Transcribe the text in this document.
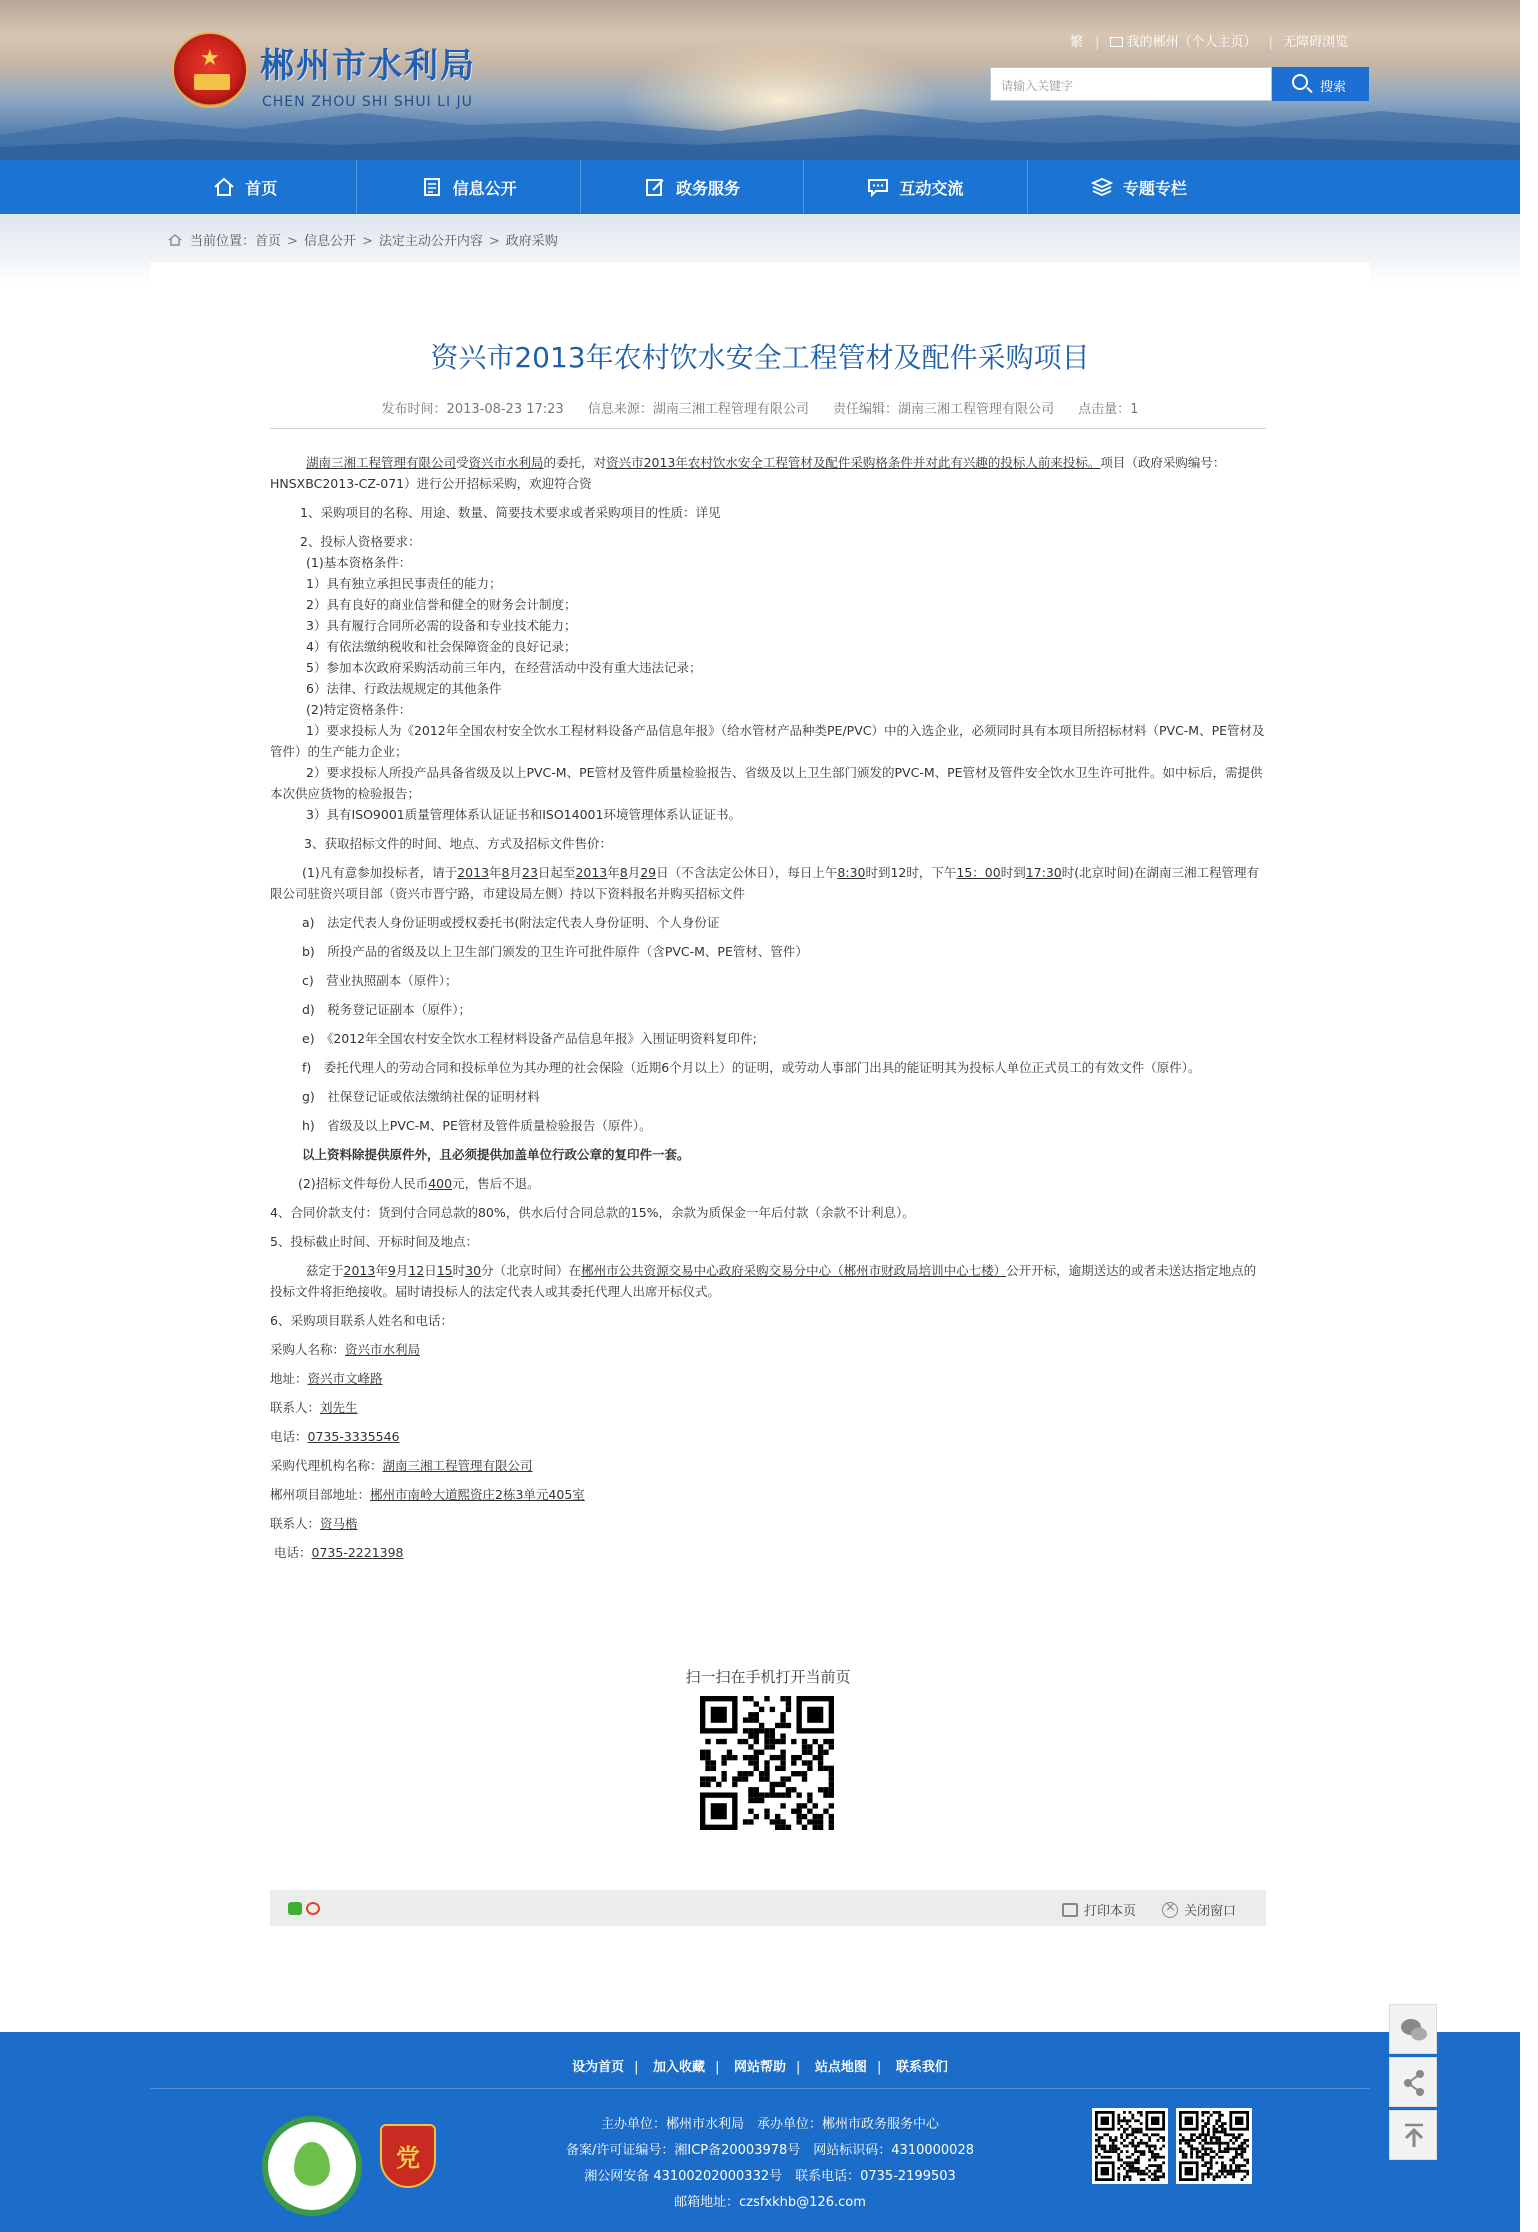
★ 郴州市水利局
CHEN ZHOU SHI SHUI LI JU
繁 | 我的郴州（个人主页） | 无障碍浏览
请输入关键字	搜索
首页	信息公开	政务服务	互动交流	专题专栏
当前位置：首页 > 信息公开 > 法定主动公开内容 > 政府采购
资兴市2013年农村饮水安全工程管材及配件采购项目
发布时间：2013-08-23 17:23 信息来源：湖南三湘工程管理有限公司 责任编辑：湖南三湘工程管理有限公司 点击量：1
湖南三湘工程管理有限公司受资兴市水利局的委托，对资兴市2013年农村饮水安全工程管材及配件采购格条件并对此有兴趣的投标人前来投标。项目（政府采购编号：HNSXBC2013-CZ-071）进行公开招标采购，欢迎符合资
1、采购项目的名称、用途、数量、简要技术要求或者采购项目的性质：详见
2、投标人资格要求：
(1)基本资格条件：
1）具有独立承担民事责任的能力；
2）具有良好的商业信誉和健全的财务会计制度；
3）具有履行合同所必需的设备和专业技术能力；
4）有依法缴纳税收和社会保障资金的良好记录；
5）参加本次政府采购活动前三年内，在经营活动中没有重大违法记录；
6）法律、行政法规规定的其他条件
(2)特定资格条件：
1）要求投标人为《2012年全国农村安全饮水工程材料设备产品信息年报》（给水管材产品种类PE/PVC）中的入选企业，必须同时具有本项目所招标材料（PVC-M、PE管材及管件）的生产能力企业；
2）要求投标人所投产品具备省级及以上PVC-M、PE管材及管件质量检验报告、省级及以上卫生部门颁发的PVC-M、PE管材及管件安全饮水卫生许可批件。如中标后，需提供本次供应货物的检验报告；
3）具有ISO9001质量管理体系认证证书和ISO14001环境管理体系认证证书。
3、获取招标文件的时间、地点、方式及招标文件售价：
(1)凡有意参加投标者，请于2013年8月23日起至2013年8月29日（不含法定公休日），每日上午8:30时到12时，下午15：00时到17:30时(北京时间)在湖南三湘工程管理有限公司驻资兴项目部（资兴市晋宁路，市建设局左侧）持以下资料报名并购买招标文件
a)　法定代表人身份证明或授权委托书(附法定代表人身份证明、个人身份证
b)　所投产品的省级及以上卫生部门颁发的卫生许可批件原件（含PVC-M、PE管材、管件）
c)　营业执照副本（原件）；
d)　税务登记证副本（原件）；
e)　《2012年全国农村安全饮水工程材料设备产品信息年报》入围证明资料复印件;
f)　委托代理人的劳动合同和投标单位为其办理的社会保险（近期6个月以上）的证明，或劳动人事部门出具的能证明其为投标人单位正式员工的有效文件（原件）。
g)　社保登记证或依法缴纳社保的证明材料
h)　省级及以上PVC-M、PE管材及管件质量检验报告（原件）。
以上资料除提供原件外，且必须提供加盖单位行政公章的复印件一套。
(2)招标文件每份人民币400元，售后不退。
4、合同价款支付：货到付合同总款的80%，供水后付合同总款的15%，余款为质保金一年后付款（余款不计利息）。
5、投标截止时间、开标时间及地点：
兹定于2013年9月12日15时30分（北京时间）在郴州市公共资源交易中心政府采购交易分中心（郴州市财政局培训中心七楼）公开开标，逾期送达的或者未送达指定地点的投标文件将拒绝接收。届时请投标人的法定代表人或其委托代理人出席开标仪式。
6、采购项目联系人姓名和电话：
采购人名称：资兴市水利局
地址：资兴市文峰路
联系人：刘先生
电话：0735-3335546
采购代理机构名称：湖南三湘工程管理有限公司
郴州项目部地址：郴州市南岭大道熙资庄2栋3单元405室
联系人：资马楷
电话：0735-2221398
扫一扫在手机打开当前页
打印本页 ×	关闭窗口
设为首页 | 加入收藏 | 网站帮助 | 站点地图 | 联系我们
党
主办单位：郴州市水利局　承办单位：郴州市政务服务中心
备案/许可证编号：湘ICP备20003978号　网站标识码：4310000028
湘公网安备 43100202000332号　联系电话：0735-2199503
邮箱地址：czsfxkhb@126.com
